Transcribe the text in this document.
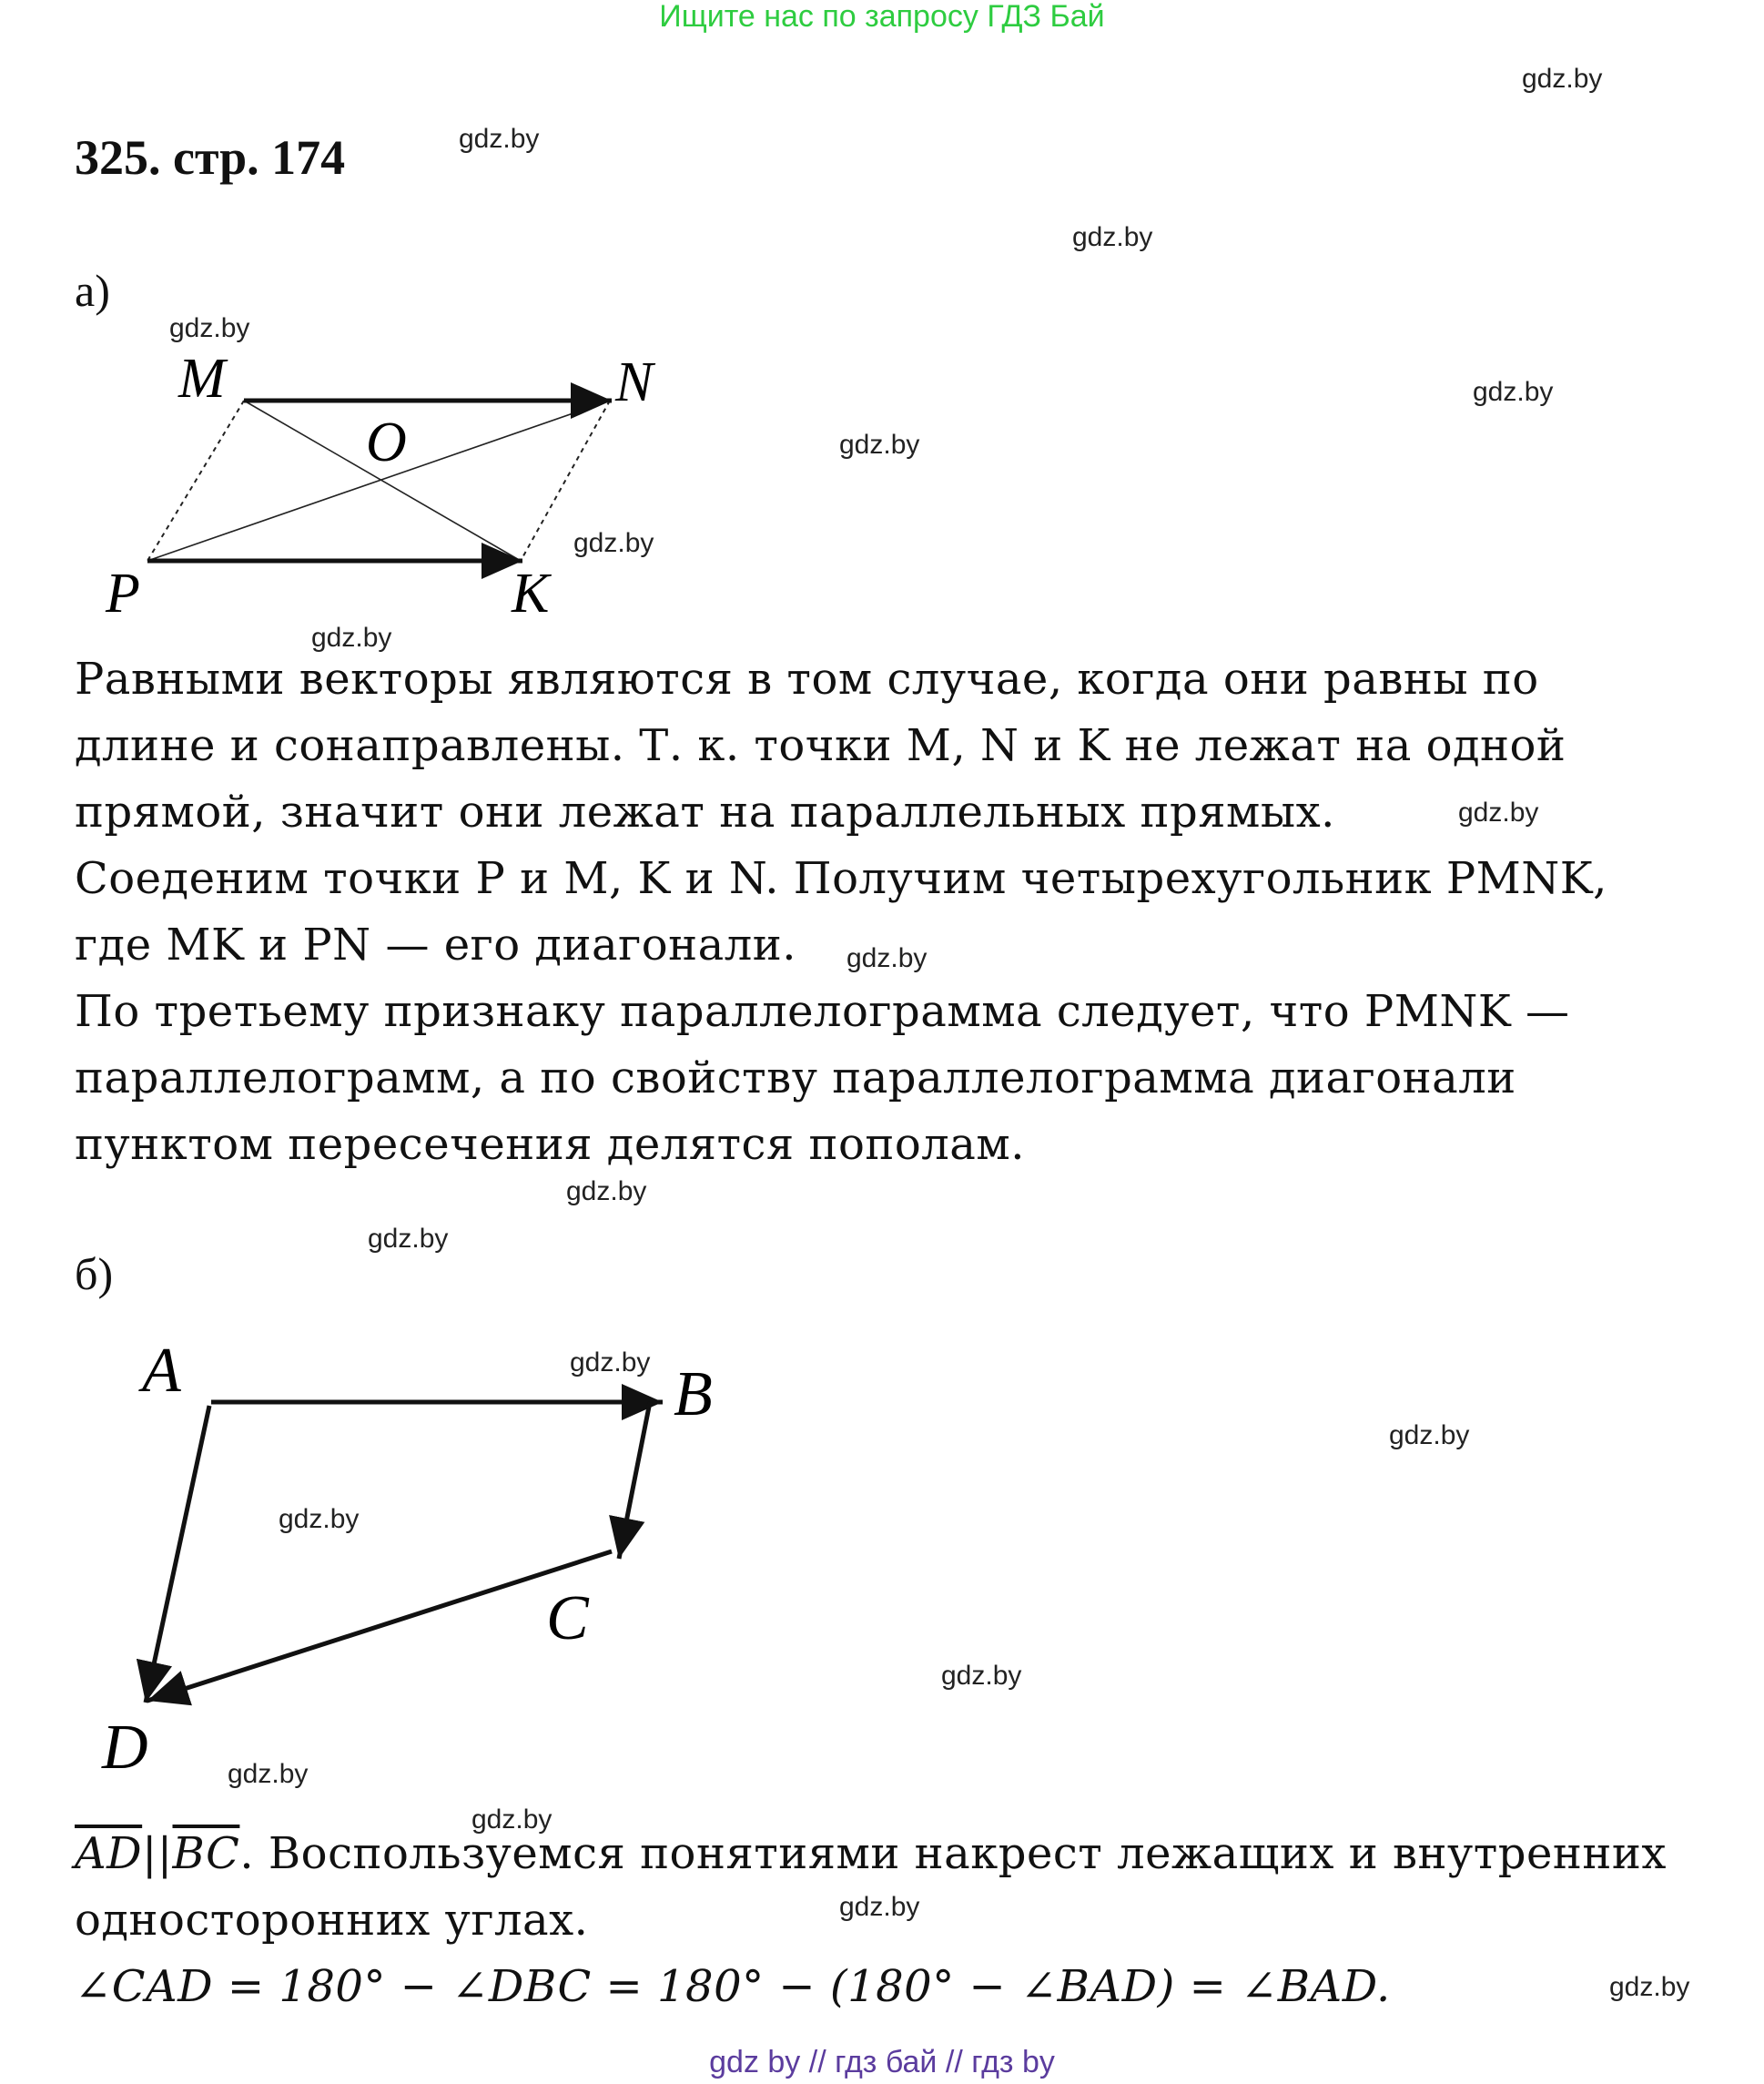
Ищите нас по запросу ГДЗ Бай
325. стр. 174
gdz.by
gdz.by
gdz.by
gdz.by
gdz.by
gdz.by
gdz.by
gdz.by
gdz.by
gdz.by
gdz.by
gdz.by
gdz.by
gdz.by
gdz.by
gdz.by
gdz.by
gdz.by
gdz.by
gdz.by
а)
M	N
O
P	K

Равными векторы являются в том случае, когда они равны по

длине и сонаправлены. Т. к. точки M, N и K не лежат на одной

прямой, значит они лежат на параллельных прямых.

Соеденим точки P и M, K и N. Получим четырехугольник PMNK,

где MK и PN — его диагонали.

По третьему признаку параллелограмма следует, что PMNK —

параллелограмм, а по свойству параллелограмма диагонали

пунктом пересечения делятся пополам.

б)
A	B
C
D

$\overline{AD}||\overline{BC}$. Воспользуемся понятиями накрест лежащих и внутренних

односторонних углах.

∠CAD = 180° − ∠DBC = 180° − (180° − ∠BAD) = ∠BAD.

gdz by // гдз бай // гдз by
